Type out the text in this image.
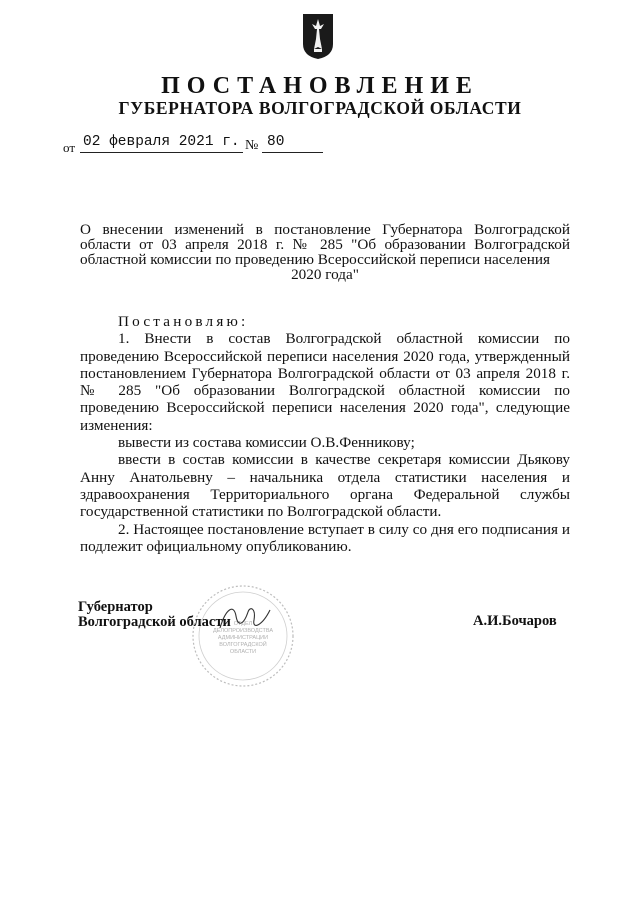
ПОСТАНОВЛЕНИЕ
ГУБЕРНАТОРА ВОЛГОГРАДСКОЙ ОБЛАСТИ
от 02 февраля 2021 г. № 80
О внесении изменений в постановление Губернатора Волгоградской области от 03 апреля 2018 г. № 285 "Об образовании Волгоградской областной комиссии по проведению Всероссийской переписи населения
2020 года"

Постановляю:

1. Внести в состав Волгоградской областной комиссии по проведению Всероссийской переписи населения 2020 года, утвержденный постановлением Губернатора Волгоградской области от 03 апреля 2018 г. № 285 "Об образовании Волгоградской областной комиссии по проведению Всероссийской переписи населения 2020 года", следующие изменения:

вывести из состава комиссии О.В.Фенникову;

ввести в состав комиссии в качестве секретаря комиссии Дьякову Анну Анатольевну – начальника отдела статистики населения и здравоохранения Территориального органа Федеральной службы государственной статистики по Волгоградской области.

2. Настоящее постановление вступает в силу со дня его подписания и подлежит официальному опубликованию.

ОТДЕЛ
ДЕЛОПРОИЗВОДСТВА
АДМИНИСТРАЦИИ
ВОЛГОГРАДСКОЙ
ОБЛАСТИ
Губернатор
Волгоградской области	А.И.Бочаров
